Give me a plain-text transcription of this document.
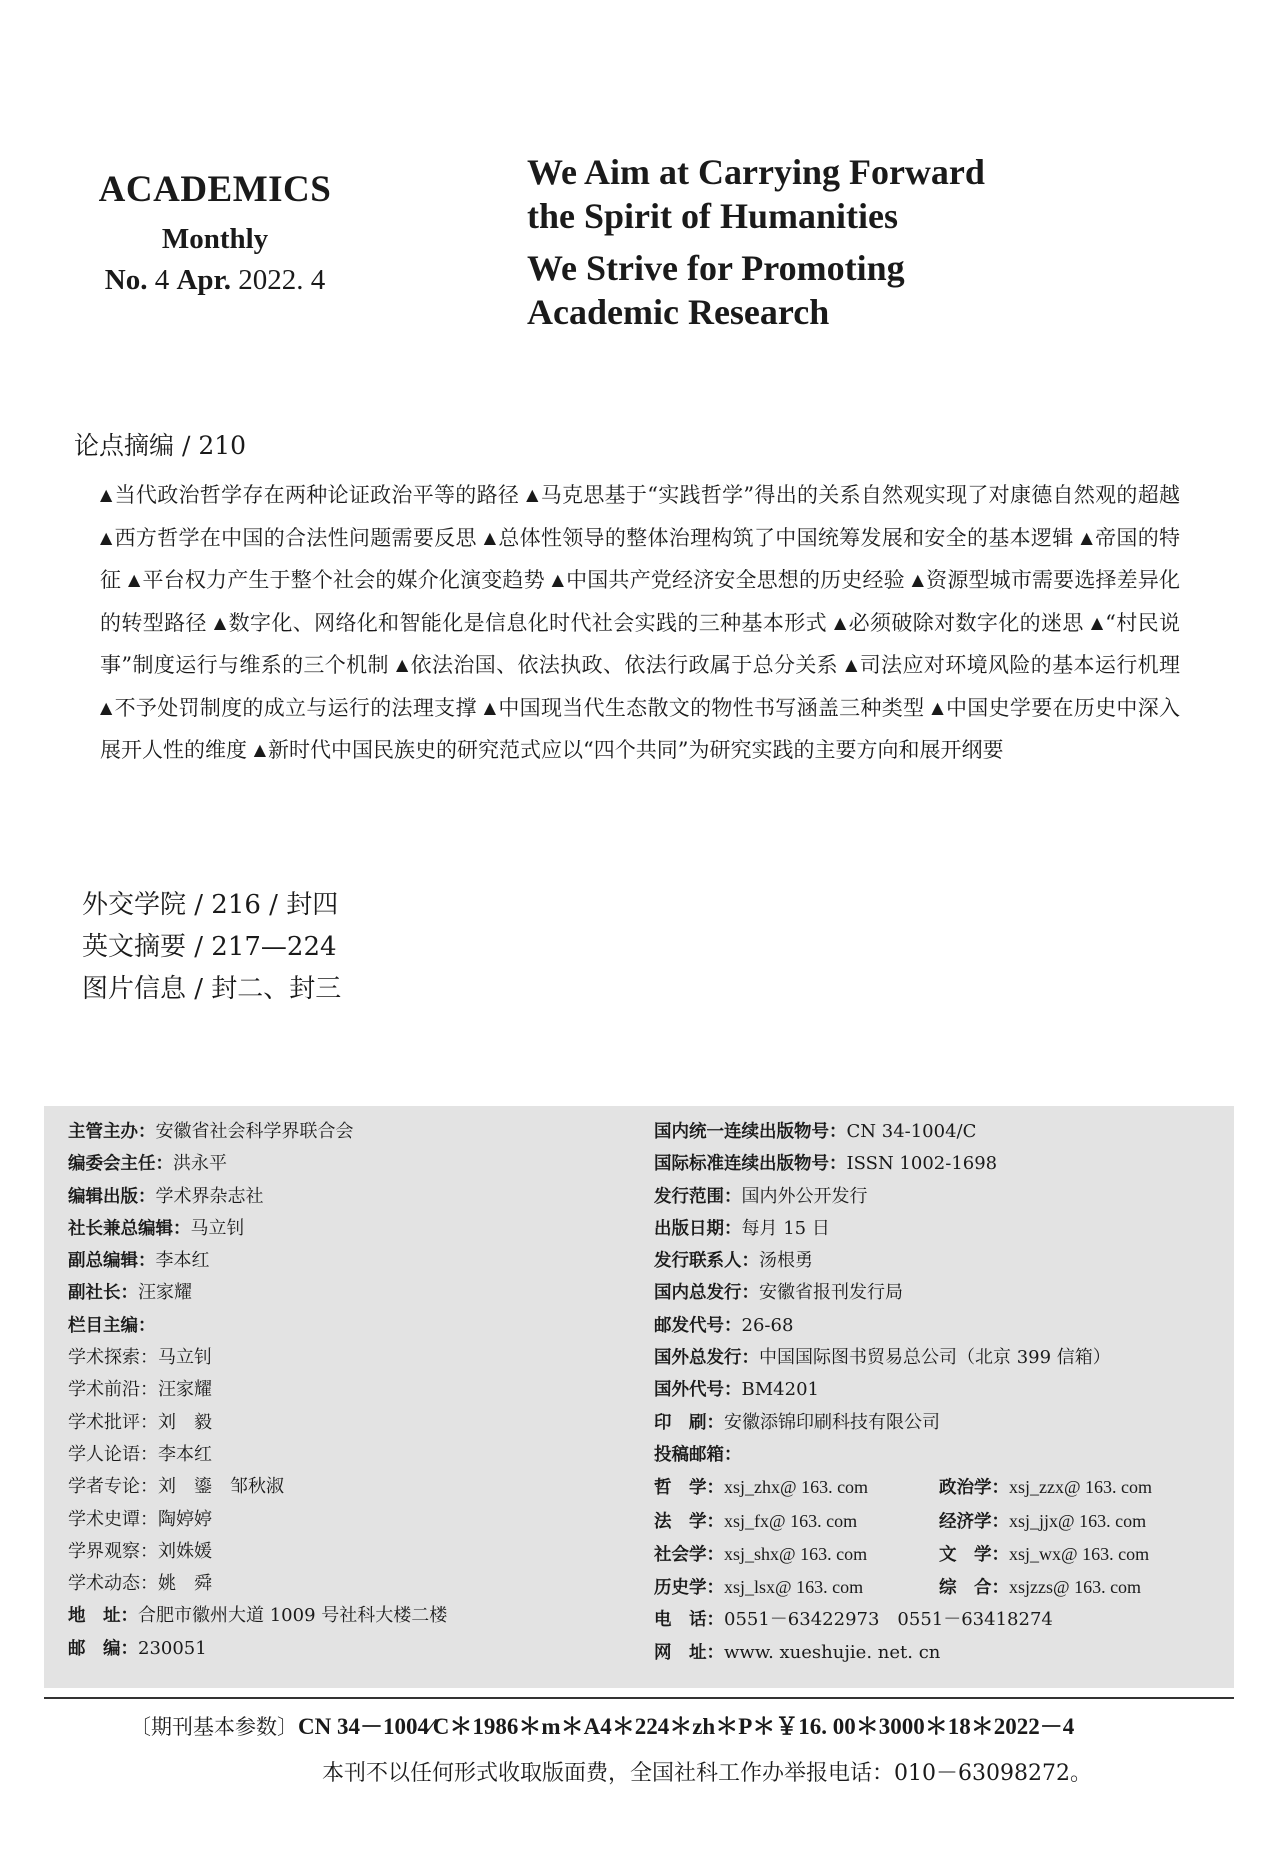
ACADEMICS
Monthly
No. 4 Apr. 2022. 4
We Aim at Carrying Forward
the Spirit of Humanities
We Strive for Promoting
Academic Research
论点摘编 ∕ 210
▲当代政治哲学存在两种论证政治平等的路径 ▲马克思基于“实践哲学”得出的关系自然观实现了对康德自然观的超越 ▲西方哲学在中国的合法性问题需要反思 ▲总体性领导的整体治理构筑了中国统筹发展和安全的基本逻辑 ▲帝国的特征 ▲平台权力产生于整个社会的媒介化演变趋势 ▲中国共产党经济安全思想的历史经验 ▲资源型城市需要选择差异化的转型路径 ▲数字化、网络化和智能化是信息化时代社会实践的三种基本形式 ▲必须破除对数字化的迷思 ▲“村民说事”制度运行与维系的三个机制 ▲依法治国、依法执政、依法行政属于总分关系 ▲司法应对环境风险的基本运行机理 ▲不予处罚制度的成立与运行的法理支撑 ▲中国现当代生态散文的物性书写涵盖三种类型 ▲中国史学要在历史中深入展开人性的维度 ▲新时代中国民族史的研究范式应以“四个共同”为研究实践的主要方向和展开纲要
外交学院 ∕ 216 ∕ 封四
英文摘要 ∕ 217—224
图片信息 ∕ 封二、封三
主管主办：安徽省社会科学界联合会
编委会主任：洪永平
编辑出版：学术界杂志社
社长兼总编辑：马立钊
副总编辑：李本红
副社长：汪家耀
栏目主编：
学术探索：马立钊
学术前沿：汪家耀
学术批评：刘　毅
学人论语：李本红
学者专论：刘　鎏　邹秋淑
学术史谭：陶婷婷
学界观察：刘姝媛
学术动态：姚　舜
地　址：合肥市徽州大道 1009 号社科大楼二楼
邮　编：230051
国内统一连续出版物号：CN 34-1004/C
国际标准连续出版物号：ISSN 1002-1698
发行范围：国内外公开发行
出版日期：每月 15 日
发行联系人：汤根勇
国内总发行：安徽省报刊发行局
邮发代号：26-68
国外总发行：中国国际图书贸易总公司（北京 399 信箱）
国外代号：BM4201
印　刷：安徽添锦印刷科技有限公司
投稿邮箱：
哲　学：xsj_zhx@ 163. com	政治学：xsj_zzx@ 163. com
法　学：xsj_fx@ 163. com	经济学：xsj_jjx@ 163. com
社会学：xsj_shx@ 163. com	文　学：xsj_wx@ 163. com
历史学：xsj_lsx@ 163. com	综　合：xsjzzs@ 163. com
电　话：0551－63422973　0551－63418274
网　址：www. xueshujie. net. cn
〔期刊基本参数〕CN 34－1004∕C＊1986＊m＊A4＊224＊zh＊P＊￥16. 00＊3000＊18＊2022－4
本刊不以任何形式收取版面费，全国社科工作办举报电话：010－63098272。
